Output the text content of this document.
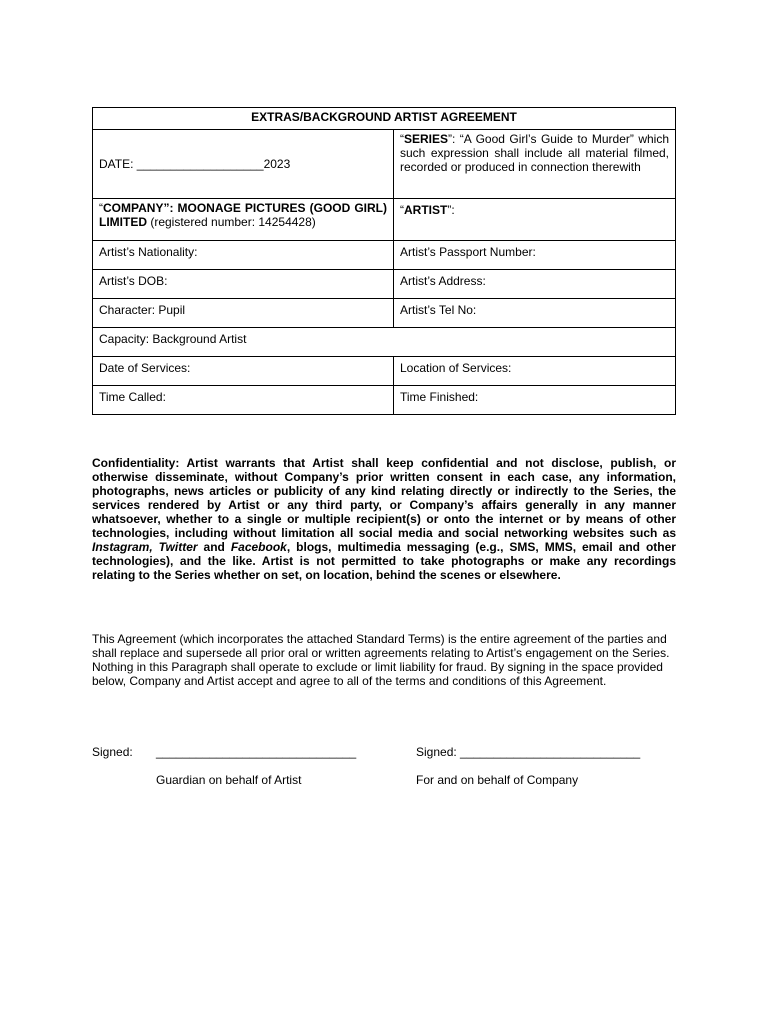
EXTRAS/BACKGROUND ARTIST AGREEMENT	
DATE: ___________________2023	“SERIES”: “A Good Girl’s Guide to Murder” which such expression shall include all material filmed, recorded or produced in connection therewith
“COMPANY”: MOONAGE PICTURES (GOOD GIRL) LIMITED (registered number: 14254428)	“ARTIST”:
Artist’s Nationality:	Artist’s Passport Number:
Artist’s DOB:	Artist’s Address:
Character: Pupil	Artist’s Tel No:
Capacity: Background Artist	
Date of Services:	Location of Services:
Time Called:	Time Finished:

Confidentiality: Artist warrants that Artist shall keep confidential and not disclose, publish, or otherwise disseminate, without Company’s prior written consent in each case, any information, photographs, news articles or publicity of any kind relating directly or indirectly to the Series, the services rendered by Artist or any third party, or Company’s affairs generally in any manner whatsoever, whether to a single or multiple recipient(s) or onto the internet or by means of other technologies, including without limitation all social media and social networking websites such as Instagram, Twitter and Facebook, blogs, multimedia messaging (e.g., SMS, MMS, email and other technologies), and the like. Artist is not permitted to take photographs or make any recordings relating to the Series whether on set, on location, behind the scenes or elsewhere.

This Agreement (which incorporates the attached Standard Terms) is the entire agreement of the parties and shall replace and supersede all prior oral or written agreements relating to Artist’s engagement on the Series. Nothing in this Paragraph shall operate to exclude or limit liability for fraud. By signing in the space provided below, Company and Artist accept and agree to all of the terms and conditions of this Agreement.

Signed: ______________________________
Guardian on behalf of Artist
Signed: ___________________________
For and on behalf of Company
